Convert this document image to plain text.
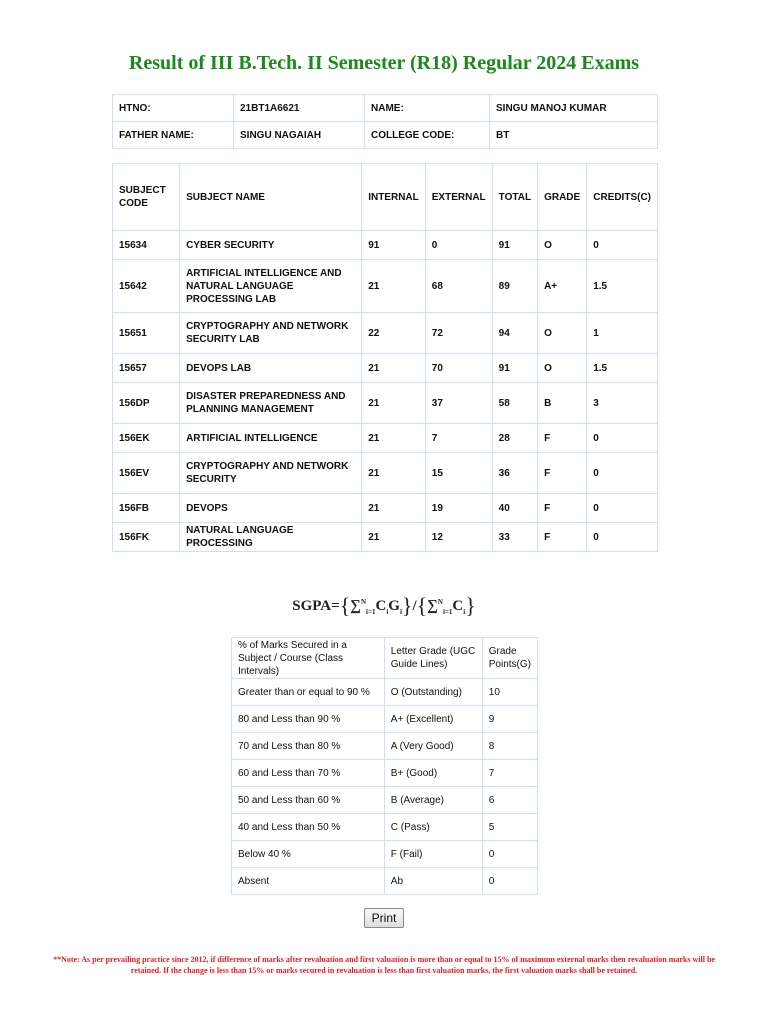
Result of III B.Tech. II Semester (R18) Regular 2024 Exams
HTNO:	21BT1A6621	NAME:	SINGU MANOJ KUMAR
FATHER NAME:	SINGU NAGAIAH	COLLEGE CODE:	BT
SUBJECT CODE	SUBJECT NAME	INTERNAL	EXTERNAL	TOTAL	GRADE	CREDITS(C)
15634	CYBER SECURITY	91	0	91	O	0
15642	ARTIFICIAL INTELLIGENCE AND NATURAL LANGUAGE PROCESSING LAB	21	68	89	A+	1.5
15651	CRYPTOGRAPHY AND NETWORK SECURITY LAB	22	72	94	O	1
15657	DEVOPS LAB	21	70	91	O	1.5
156DP	DISASTER PREPAREDNESS AND PLANNING MANAGEMENT	21	37	58	B	3
156EK	ARTIFICIAL INTELLIGENCE	21	7	28	F	0
156EV	CRYPTOGRAPHY AND NETWORK SECURITY	21	15	36	F	0
156FB	DEVOPS	21	19	40	F	0
156FK	NATURAL LANGUAGE PROCESSING	21	12	33	F	0
$SGPA=\{\sum^N_{i=1}C_iG_i\}/\{\sum^N_{i=1}C_i\}$
% of Marks Secured in a Subject / Course (Class Intervals)	Letter Grade (UGC Guide Lines)	Grade Points(G)
Greater than or equal to 90 %	O (Outstanding)	10
80 and Less than 90 %	A+ (Excellent)	9
70 and Less than 80 %	A (Very Good)	8
60 and Less than 70 %	B+ (Good)	7
50 and Less than 60 %	B (Average)	6
40 and Less than 50 %	C (Pass)	5
Below 40 %	F (Fail)	0
Absent	Ab	0
Print
**Note: As per prevailing practice since 2012, if difference of marks after revaluation and first valuation is more than or equal to 15% of maximum external marks then revaluation marks will be retained. If the change is less than 15% or marks secured in revaluation is less than first valuation marks, the first valuation marks shall be retained.
